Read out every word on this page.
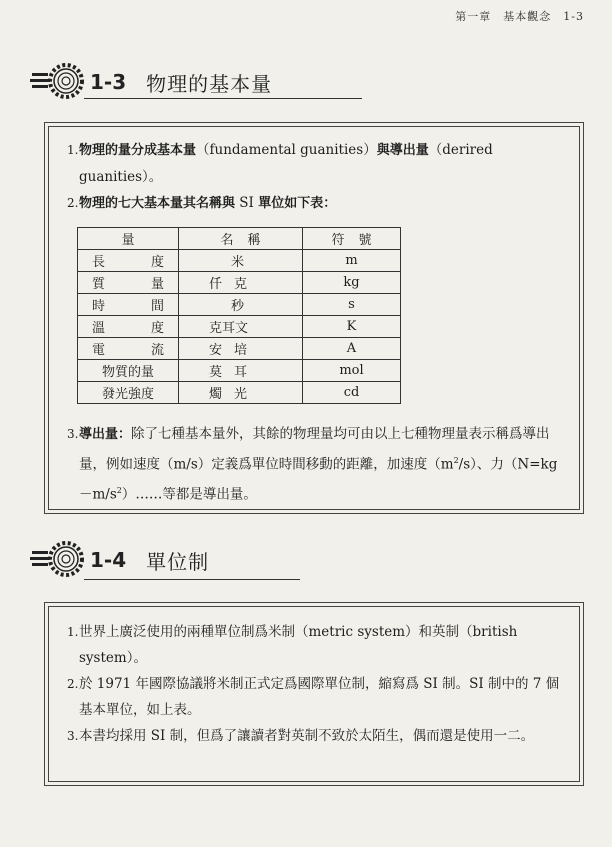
第一章　基本觀念　1-3
1-3 物理的基本量
1. 物理的量分成基本量（fundamental guanities）與導出量（derired guanities）。
2. 物理的七大基本量其名稱與 SI 單位如下表：
量	名稱	符號
長度	米	m
質量	仟克	kg
時間	秒	s
溫度	克耳文	K
電流	安培	A
物質的量	莫耳	mol
發光強度	燭光	cd
3. 導出量：除了七種基本量外，其餘的物理量均可由以上七種物理量表示稱爲導出量，例如速度（m/s）定義爲單位時間移動的距離，加速度$(m^2/s)$、力$(N=kg-m/s^2)\dots\dots$等都是導出量。
1-4 單位制
1. 世界上廣泛使用的兩種單位制爲米制（metric system）和英制（british system）。
2. 於 1971 年國際協議將米制正式定爲國際單位制，縮寫爲 SI 制。SI 制中的 7 個基本單位，如上表。
3. 本書均採用 SI 制，但爲了讓讀者對英制不致於太陌生，偶而還是使用一二。
